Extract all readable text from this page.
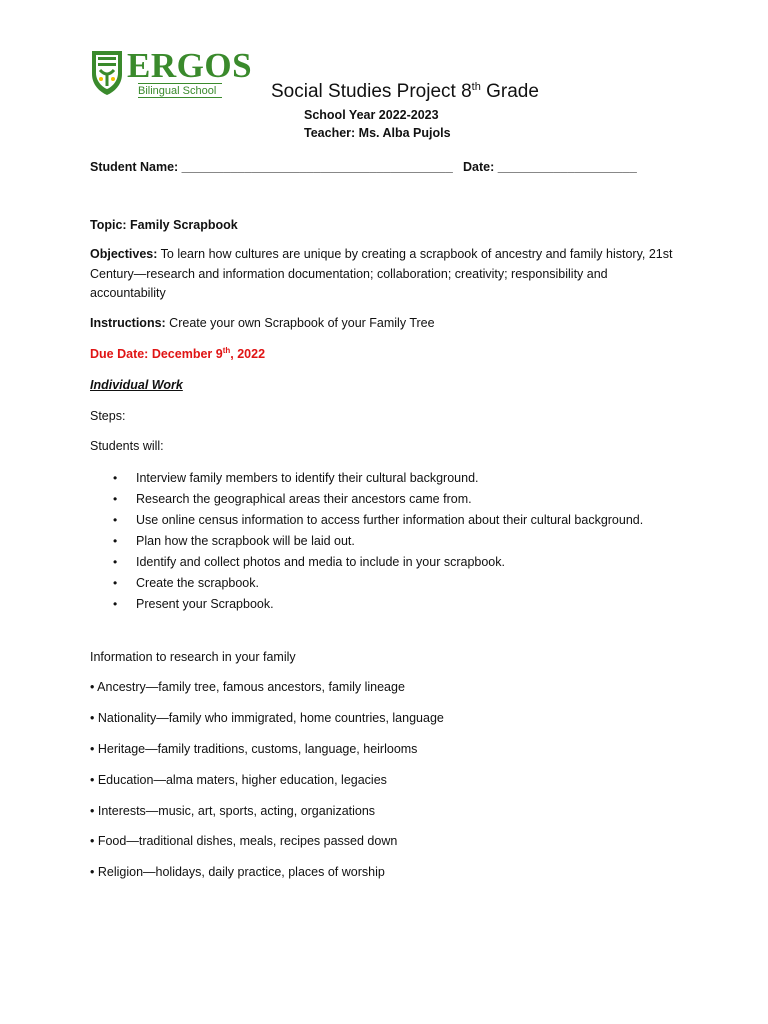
ERGOS
Bilingual School	Social Studies Project 8th Grade
School Year 2022-2023
Teacher: Ms. Alba Pujols
Student Name: _______________________________________ Date: ____________________
Topic: Family Scrapbook
Objectives: To learn how cultures are unique by creating a scrapbook of ancestry and family history, 21st Century—research and information documentation; collaboration; creativity; responsibility and accountability
Instructions: Create your own Scrapbook of your Family Tree
Due Date: December 9th, 2022
Individual Work
Steps:
Students will:
• Interview family members to identify their cultural background.
• Research the geographical areas their ancestors came from.
• Use online census information to access further information about their cultural background.
• Plan how the scrapbook will be laid out.
• Identify and collect photos and media to include in your scrapbook.
• Create the scrapbook.
• Present your Scrapbook.
Information to research in your family
• Ancestry—family tree, famous ancestors, family lineage
• Nationality—family who immigrated, home countries, language
• Heritage—family traditions, customs, language, heirlooms
• Education—alma maters, higher education, legacies
• Interests—music, art, sports, acting, organizations
• Food—traditional dishes, meals, recipes passed down
• Religion—holidays, daily practice, places of worship
